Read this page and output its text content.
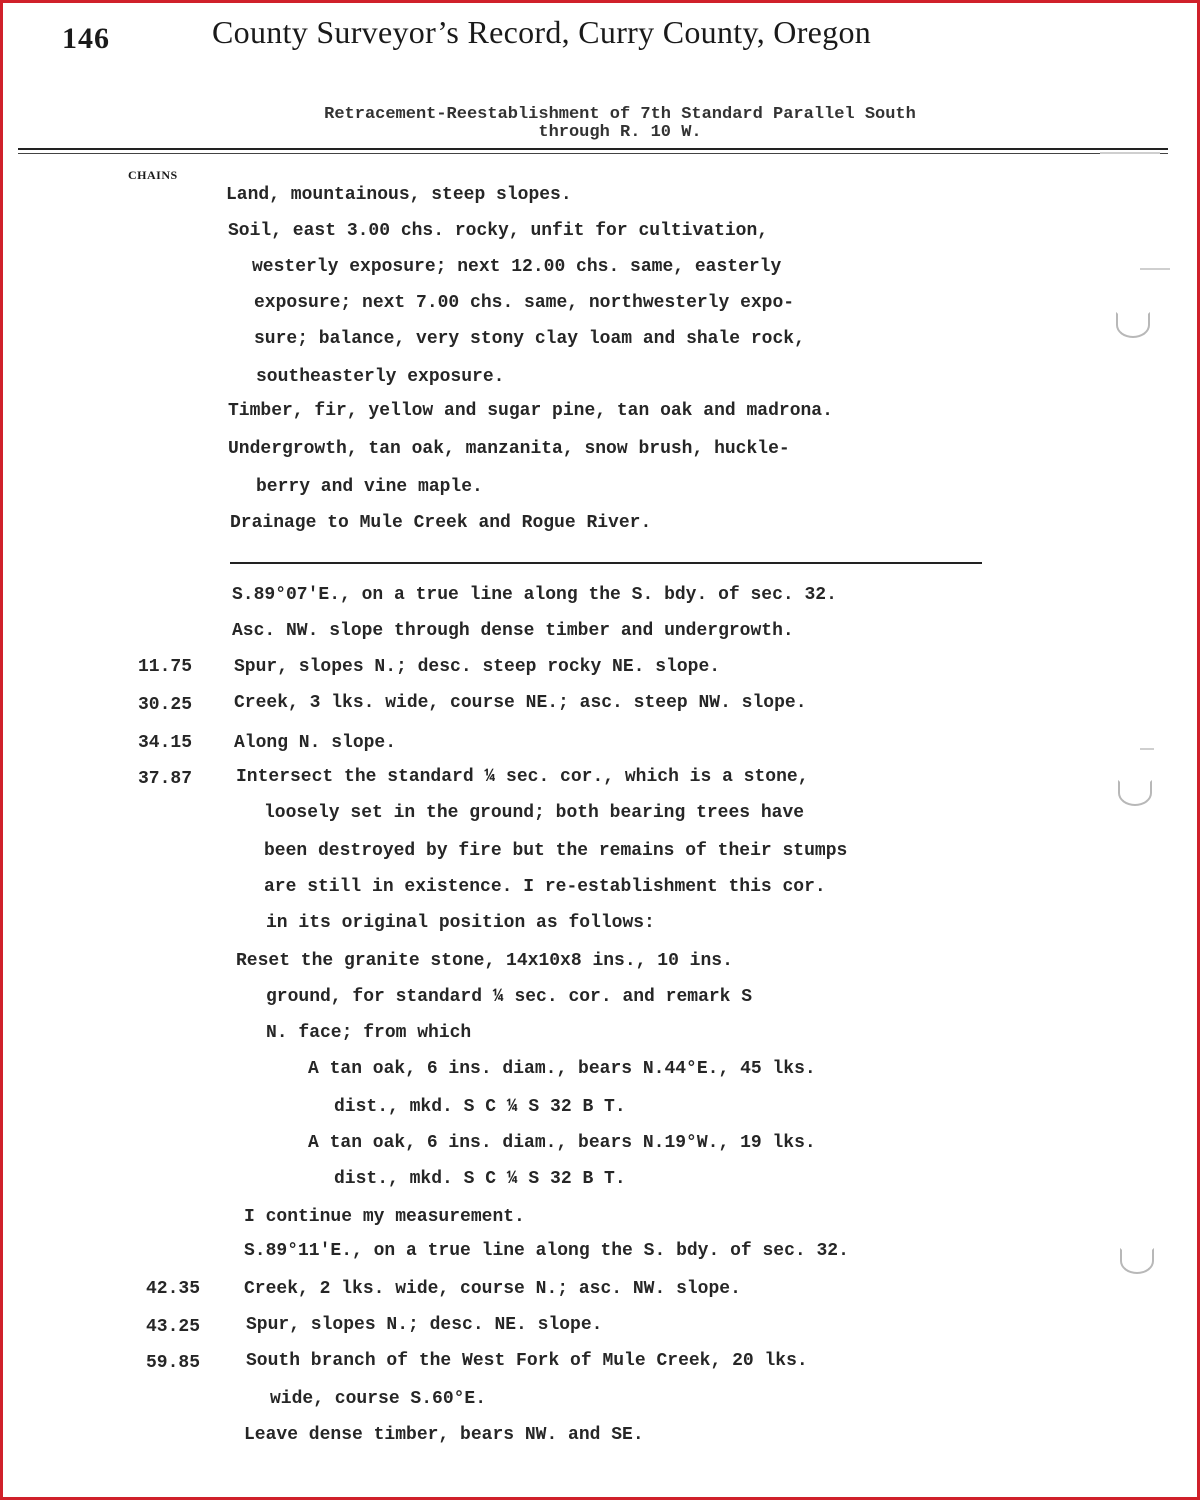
146	County Surveyor’s Record, Curry County, Oregon
Retracement-Reestablishment of 7th Standard Parallel South
through R. 10 W.
CHAINS
Land, mountainous, steep slopes.
Soil, east 3.00 chs. rocky, unfit for cultivation,
westerly exposure; next 12.00 chs. same, easterly
exposure; next 7.00 chs. same, northwesterly expo-
sure; balance, very stony clay loam and shale rock,
southeasterly exposure.
Timber, fir, yellow and sugar pine, tan oak and madrona.
Undergrowth, tan oak, manzanita, snow brush, huckle-
berry and vine maple.
Drainage to Mule Creek and Rogue River.
S.89°07'E., on a true line along the S. bdy. of sec. 32.
Asc. NW. slope through dense timber and undergrowth.
11.75 Spur, slopes N.; desc. steep rocky NE. slope.
30.25 Creek, 3 lks. wide, course NE.; asc. steep NW. slope.
34.15 Along N. slope.
37.87 Intersect the standard ¼ sec. cor., which is a stone,
loosely set in the ground; both bearing trees have
been destroyed by fire but the remains of their stumps
are still in existence. I re-establishment this cor.
in its original position as follows:
Reset the granite stone, 14x10x8 ins., 10 ins.
ground, for standard ¼ sec. cor. and remark S
N. face; from which
A tan oak, 6 ins. diam., bears N.44°E., 45 lks.
dist., mkd. S C ¼ S 32 B T.
A tan oak, 6 ins. diam., bears N.19°W., 19 lks.
dist., mkd. S C ¼ S 32 B T.
I continue my measurement.
S.89°11'E., on a true line along the S. bdy. of sec. 32.
42.35 Creek, 2 lks. wide, course N.; asc. NW. slope.
43.25	Spur, slopes N.; desc. NE. slope.
59.85	South branch of the West Fork of Mule Creek, 20 lks.
wide, course S.60°E.
Leave dense timber, bears NW. and SE.
